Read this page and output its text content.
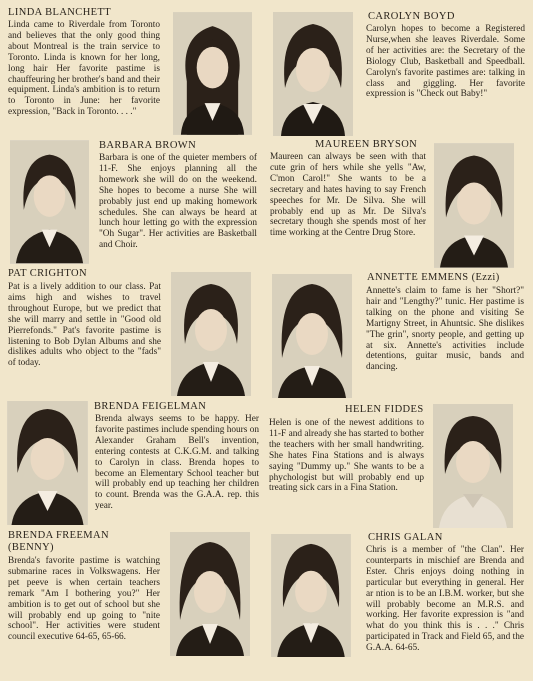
LINDA BLANCHETT
Linda came to Riverdale from Toronto and believes that the only good thing about Montreal is the train service to Toronto. Linda is known for her long, long hair Her favorite pastime is chauffeuring her brother's band and their equipment. Linda's ambition is to return to Toronto in June: her favorite expression, "Back in Toronto. . . ."
CAROLYN BOYD
Carolyn hopes to become a Registered Nurse,when she leaves Riverdale. Some of her activities are: the Secretary of the Biology Club, Basketball and Speedball. Carolyn's favorite pastimes are: talking in class and giggling. Her favorite expression is "Check out Baby!"
BARBARA BROWN
Barbara is one of the quieter members of 11-F. She enjoys planning all the homework she will do on the weekend. She hopes to become a nurse She will probably just end up making homework schedules. She can always be heard at lunch hour letting go with the expression "Oh Sugar". Her activities are Basketball and Choir.
MAUREEN BRYSON
Maureen can always be seen with that cute grin of hers while she yells "Aw, C'mon Carol!" She wants to be a secretary and hates having to say French speeches for Mr. De Silva. She will probably end up as Mr. De Silva's secretary though she spends most of her time working at the Centre Drug Store.
PAT CRIGHTON
Pat is a lively addition to our class. Pat aims high and wishes to travel throughout Europe, but we predict that she will marry and settle in "Good old Pierrefonds." Pat's favorite pastime is listening to Bob Dylan Albums and she dislikes adults who object to the "fads" of today.
ANNETTE EMMENS (Ezzi)
Annette's claim to fame is her "Short?" hair and "Lengthy?" tunic. Her pastime is talking on the phone and visiting Se Martigny Street, in Ahuntsic. She dislikes "The grin", snorty people, and getting up at six. Annette's activities include detentions, guitar music, bands and dancing.
BRENDA FEIGELMAN
Brenda always seems to be happy. Her favorite pastimes include spending hours on Alexander Graham Bell's invention, entering contests at C.K.G.M. and talking to Carolyn in class. Brenda hopes to become an Elementary School teacher but will probably end up teaching her children to count. Brenda was the G.A.A. rep. this year.
HELEN FIDDES
Helen is one of the newest additions to 11-F and already she has started to bother the teachers with her small handwriting. She hates Fina Stations and is always saying "Dummy up." She wants to be a phychologist but will probably end up treating sick cars in a Fina Station.
BRENDA FREEMAN
(BENNY)
Brenda's favorite pastime is watching submarine races in Volkswagens. Her pet peeve is when certain teachers remark "Am I bothering you?" Her ambition is to get out of school but she will probably end up going to "nite school". Her activities were student council executive 64-65, 65-66.
CHRIS GALAN
Chris is a member of "the Clan". Her counterparts in mischief are Brenda and Ester. Chris enjoys doing nothing in particular but everything in general. Her ar ntion is to be an I.B.M. worker, but she will probably become an M.R.S. and working. Her favorite expression is "and what do you think this is . . ." Chris participated in Track and Field 65, and the G.A.A. 64-65.
